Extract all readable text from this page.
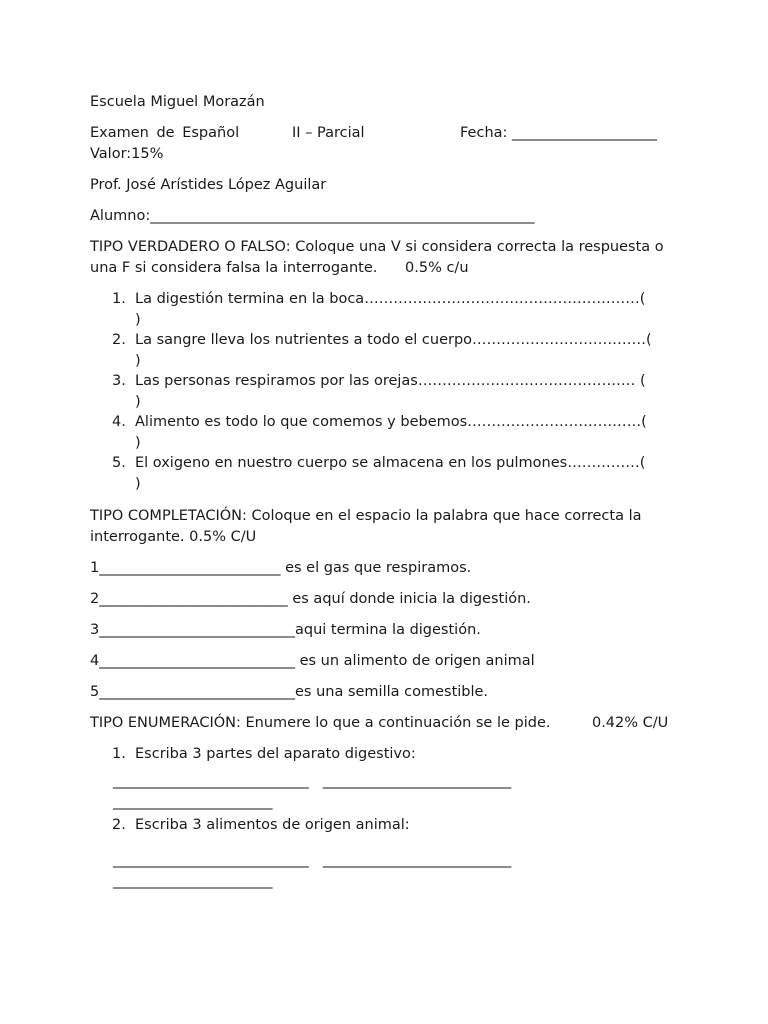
Escuela Miguel Morazán
Examen de Español	II – Parcial	Fecha: ____________________
Valor:15%
Prof. José Arístides López Aguilar
Alumno:_____________________________________________________
TIPO VERDADERO O FALSO: Coloque una V si considera correcta la respuesta o una F si considera falsa la interrogante. 0.5% c/u
1. La digestión termina en la boca…………………………………………………(
)
2. La sangre lleva los nutrientes a todo el cuerpo………………………………(
)
3. Las personas respiramos por las orejas……………………………………… (
)
4. Alimento es todo lo que comemos y bebemos………………………………(
)
5. El oxigeno en nuestro cuerpo se almacena en los pulmones……………(
)
TIPO COMPLETACIÓN: Coloque en el espacio la palabra que hace correcta la interrogante. 0.5% C/U
1_________________________ es el gas que respiramos.
2__________________________ es aquí donde inicia la digestión.
3___________________________aqui termina la digestión.
4___________________________ es un alimento de origen animal
5___________________________es una semilla comestible.
TIPO ENUMERACIÓN: Enumere lo que a continuación se le pide.	0.42% C/U
1. Escriba 3 partes del aparato digestivo:
___________________________ __________________________
______________________
2. Escriba 3 alimentos de origen animal:
___________________________ __________________________
______________________
